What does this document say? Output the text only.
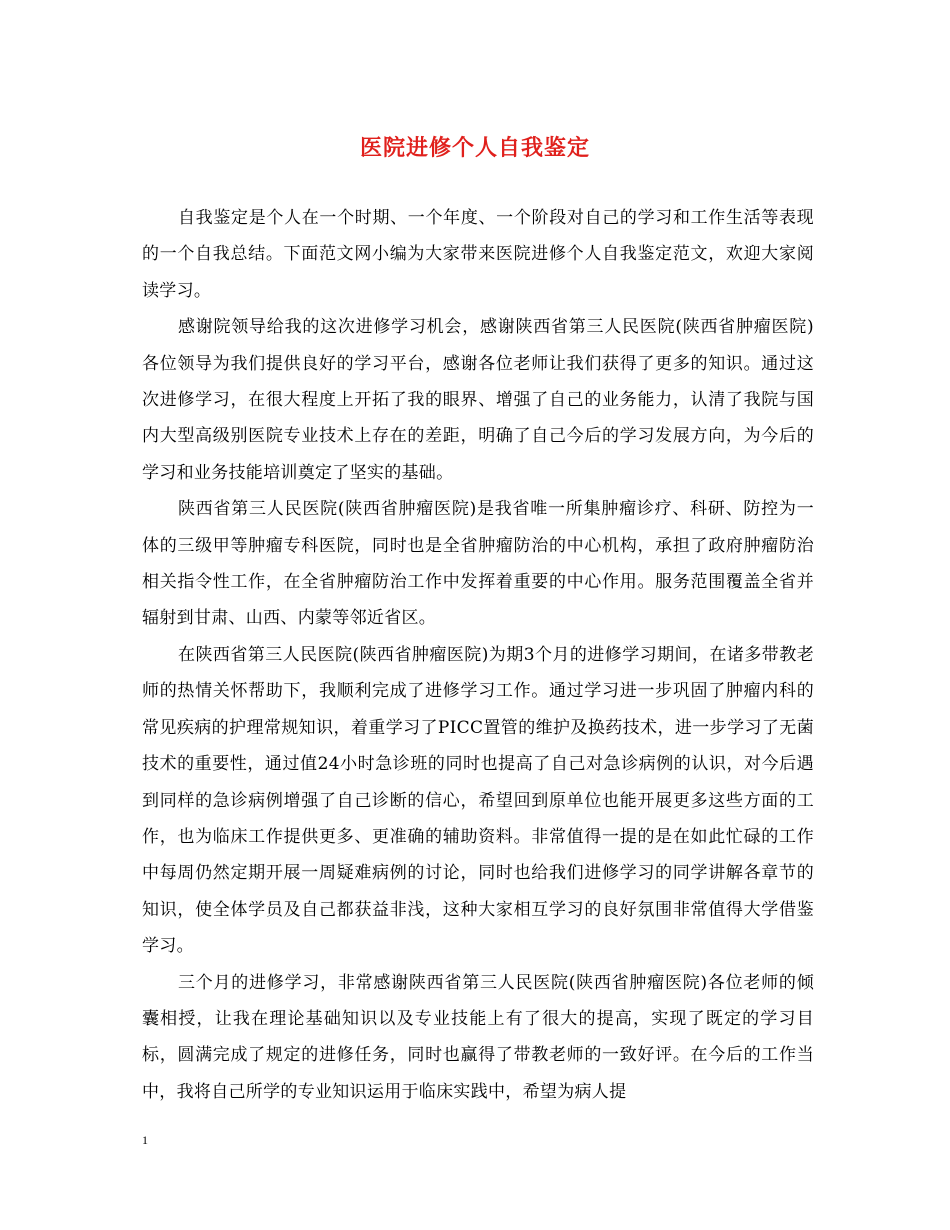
医院进修个人自我鉴定

自我鉴定是个人在一个时期、一个年度、一个阶段对自己的学习和工作生活等表现的一个自我总结。下面范文网小编为大家带来医院进修个人自我鉴定范文，欢迎大家阅读学习。

感谢院领导给我的这次进修学习机会，感谢陕西省第三人民医院(陕西省肿瘤医院)各位领导为我们提供良好的学习平台，感谢各位老师让我们获得了更多的知识。通过这次进修学习，在很大程度上开拓了我的眼界、增强了自己的业务能力，认清了我院与国内大型高级别医院专业技术上存在的差距，明确了自己今后的学习发展方向，为今后的学习和业务技能培训奠定了坚实的基础。

陕西省第三人民医院(陕西省肿瘤医院)是我省唯一所集肿瘤诊疗、科研、防控为一体的三级甲等肿瘤专科医院，同时也是全省肿瘤防治的中心机构，承担了政府肿瘤防治相关指令性工作，在全省肿瘤防治工作中发挥着重要的中心作用。服务范围覆盖全省并辐射到甘肃、山西、内蒙等邻近省区。

在陕西省第三人民医院(陕西省肿瘤医院)为期3个月的进修学习期间，在诸多带教老师的热情关怀帮助下，我顺利完成了进修学习工作。通过学习进一步巩固了肿瘤内科的常见疾病的护理常规知识，着重学习了PICC置管的维护及换药技术，进一步学习了无菌技术的重要性，通过值24小时急诊班的同时也提高了自己对急诊病例的认识，对今后遇到同样的急诊病例增强了自己诊断的信心，希望回到原单位也能开展更多这些方面的工作，也为临床工作提供更多、更准确的辅助资料。非常值得一提的是在如此忙碌的工作中每周仍然定期开展一周疑难病例的讨论，同时也给我们进修学习的同学讲解各章节的知识，使全体学员及自己都获益非浅，这种大家相互学习的良好氛围非常值得大学借鉴学习。

三个月的进修学习，非常感谢陕西省第三人民医院(陕西省肿瘤医院)各位老师的倾囊相授，让我在理论基础知识以及专业技能上有了很大的提高，实现了既定的学习目标，圆满完成了规定的进修任务，同时也赢得了带教老师的一致好评。在今后的工作当中，我将自己所学的专业知识运用于临床实践中，希望为病人提

1
